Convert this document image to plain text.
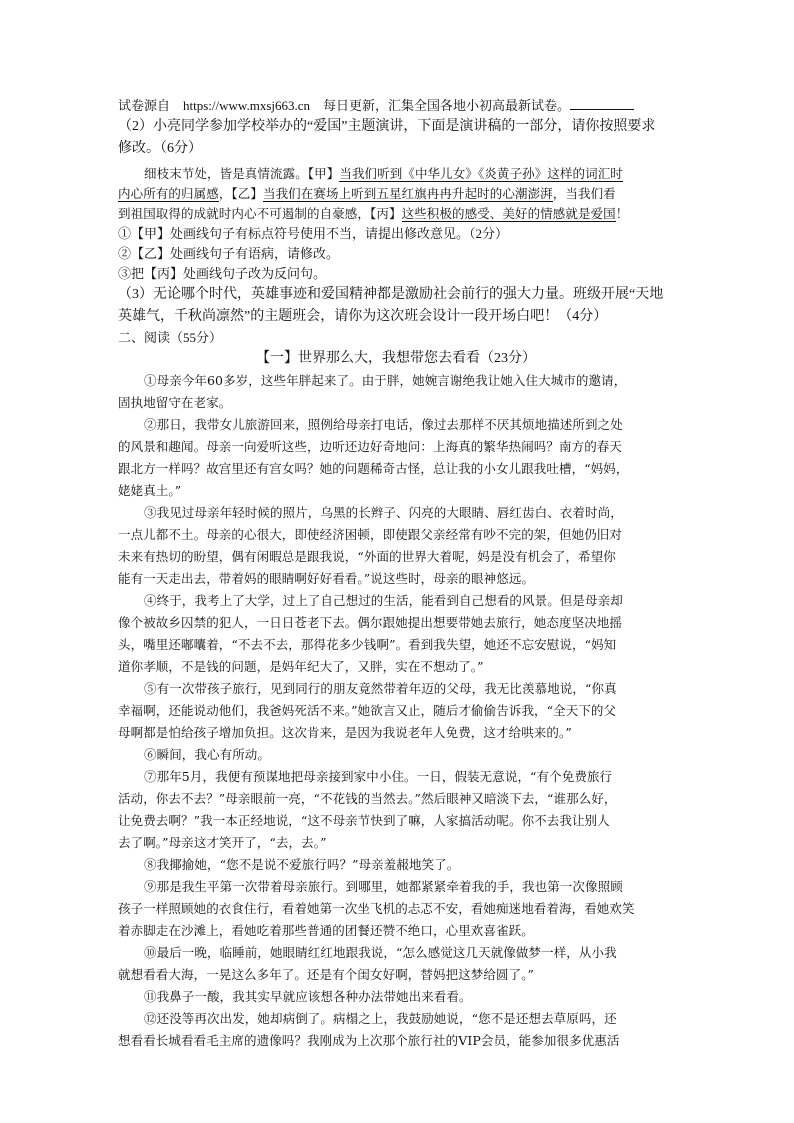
试卷源自 https://www.mxsj663.cn 每日更新，汇集全国各地小初高最新试卷。
（2）小亮同学参加学校举办的“爱国”主题演讲，下面是演讲稿的一部分，请你按照要求
修改。（6分）
细枝末节处，皆是真情流露。【甲】当我们听到《中华儿女》《炎黄子孙》这样的词汇时
内心所有的归属感，【乙】当我们在赛场上听到五星红旗冉冉升起时的心潮澎湃，当我们看
到祖国取得的成就时内心不可遏制的自豪感，【丙】这些积极的感受、美好的情感就是爱国！
①【甲】处画线句子有标点符号使用不当，请提出修改意见。（2分）
②【乙】处画线句子有语病，请修改。
③把【丙】处画线句子改为反问句。
（3）无论哪个时代，英雄事迹和爱国精神都是激励社会前行的强大力量。班级开展“天地
英雄气，千秋尚凛然”的主题班会，请你为这次班会设计一段开场白吧！（4分）
二、阅读（55分）
【一】世界那么大，我想带您去看看（23分）
①母亲今年60多岁，这些年胖起来了。由于胖，她婉言谢绝我让她入住大城市的邀请，
固执地留守在老家。
②那日，我带女儿旅游回来，照例给母亲打电话，像过去那样不厌其烦地描述所到之处
的风景和趣闻。母亲一向爱听这些，边听还边好奇地问：上海真的繁华热闹吗？南方的春天
跟北方一样吗？故宫里还有宫女吗？她的问题稀奇古怪，总让我的小女儿跟我吐槽，“妈妈，
姥姥真土。”
③我见过母亲年轻时候的照片，乌黑的长辫子、闪亮的大眼睛、唇红齿白、衣着时尚，
一点儿都不土。母亲的心很大，即使经济困顿，即使跟父亲经常有吵不完的架，但她仍旧对
未来有热切的盼望，偶有闲暇总是跟我说，“外面的世界大着呢，妈是没有机会了，希望你
能有一天走出去，带着妈的眼睛啊好好看看。”说这些时，母亲的眼神悠远。
④终于，我考上了大学，过上了自己想过的生活，能看到自己想看的风景。但是母亲却
像个被故乡囚禁的犯人，一日日苍老下去。偶尔跟她提出想要带她去旅行，她态度坚决地摇
头，嘴里还嘟囔着，“不去不去，那得花多少钱啊”。看到我失望，她还不忘安慰说，“妈知
道你孝顺，不是钱的问题，是妈年纪大了，又胖，实在不想动了。”
⑤有一次带孩子旅行，见到同行的朋友竟然带着年迈的父母，我无比羡慕地说，“你真
幸福啊，还能说动他们，我爸妈死活不来。”她欲言又止，随后才偷偷告诉我，“全天下的父
母啊都是怕给孩子增加负担。这次肯来，是因为我说老年人免费，这才给哄来的。”
⑥瞬间，我心有所动。
⑦那年5月，我便有预谋地把母亲接到家中小住。一日，假装无意说，“有个免费旅行
活动，你去不去？”母亲眼前一亮，“不花钱的当然去。”然后眼神又暗淡下去，“谁那么好，
让免费去啊？”我一本正经地说，“这不母亲节快到了嘛，人家搞活动呢。你不去我让别人
去了啊。”母亲这才笑开了，“去，去。”
⑧我揶揄她，“您不是说不爱旅行吗？”母亲羞赧地笑了。
⑨那是我生平第一次带着母亲旅行。到哪里，她都紧紧牵着我的手，我也第一次像照顾
孩子一样照顾她的衣食住行，看着她第一次坐飞机的忐忑不安，看她痴迷地看着海，看她欢笑
着赤脚走在沙滩上，看她吃着那些普通的团餐还赞不绝口，心里欢喜雀跃。
⑩最后一晚，临睡前，她眼睛红红地跟我说，“怎么感觉这几天就像做梦一样，从小我
就想看看大海，一晃这么多年了。还是有个闺女好啊，替妈把这梦给圆了。”
⑪我鼻子一酸，我其实早就应该想各种办法带她出来看看。
⑫还没等再次出发，她却病倒了。病榻之上，我鼓励她说，“您不是还想去草原吗，还
想看看长城看看毛主席的遗像吗？我刚成为上次那个旅行社的VIP会员，能参加很多优惠活
